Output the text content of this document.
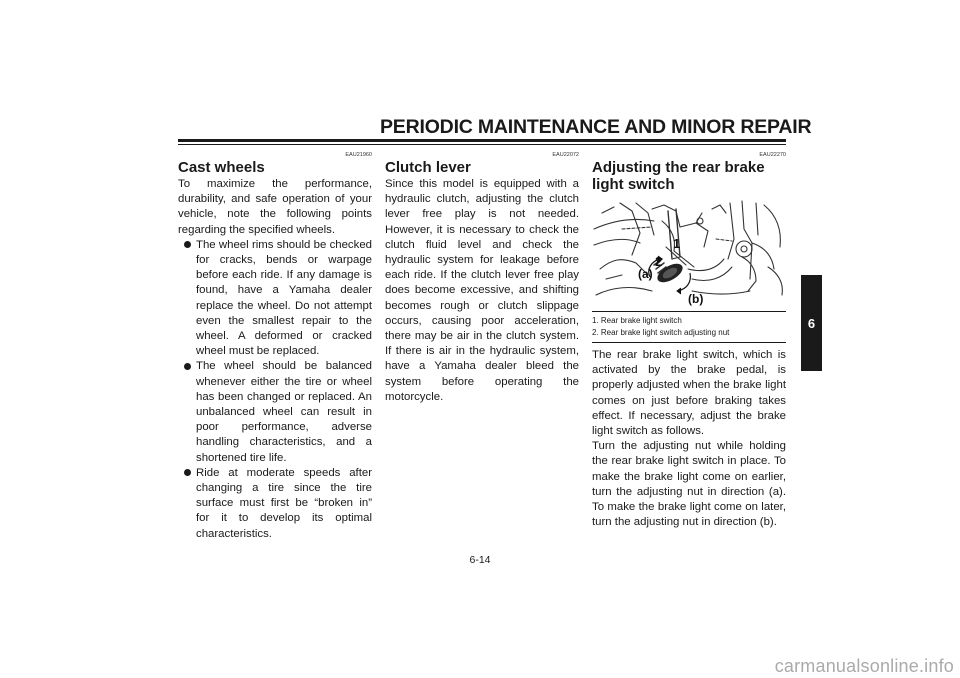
PERIODIC MAINTENANCE AND MINOR REPAIR
EAU21960
Cast wheels

To maximize the performance, durability, and safe operation of your vehicle, note the following points regarding the specified wheels.

The wheel rims should be checked for cracks, bends or warpage before each ride. If any damage is found, have a Yamaha dealer replace the wheel. Do not attempt even the smallest repair to the wheel. A deformed or cracked wheel must be replaced.
The wheel should be balanced whenever either the tire or wheel has been changed or replaced. An unbalanced wheel can result in poor performance, adverse handling characteristics, and a shortened tire life.
Ride at moderate speeds after changing a tire since the tire surface must first be “broken in” for it to develop its optimal characteristics.
EAU22072
Clutch lever

Since this model is equipped with a hydraulic clutch, adjusting the clutch lever free play is not needed. However, it is necessary to check the clutch fluid level and check the hydraulic system for leakage before each ride. If the clutch lever free play does become excessive, and shifting becomes rough or clutch slippage occurs, causing poor acceleration, there may be air in the clutch system. If there is air in the hydraulic system, have a Yamaha dealer bleed the system before operating the motorcycle.

EAU22270
Adjusting the rear brake light switch
1
2
(a)
(b)
1. Rear brake light switch
2. Rear brake light switch adjusting nut

The rear brake light switch, which is activated by the brake pedal, is properly adjusted when the brake light comes on just before braking takes effect. If necessary, adjust the brake light switch as follows.

Turn the adjusting nut while holding the rear brake light switch in place. To make the brake light come on earlier, turn the adjusting nut in direction (a). To make the brake light come on later, turn the adjusting nut in direction (b).

6
6-14
carmanualsonline.info
